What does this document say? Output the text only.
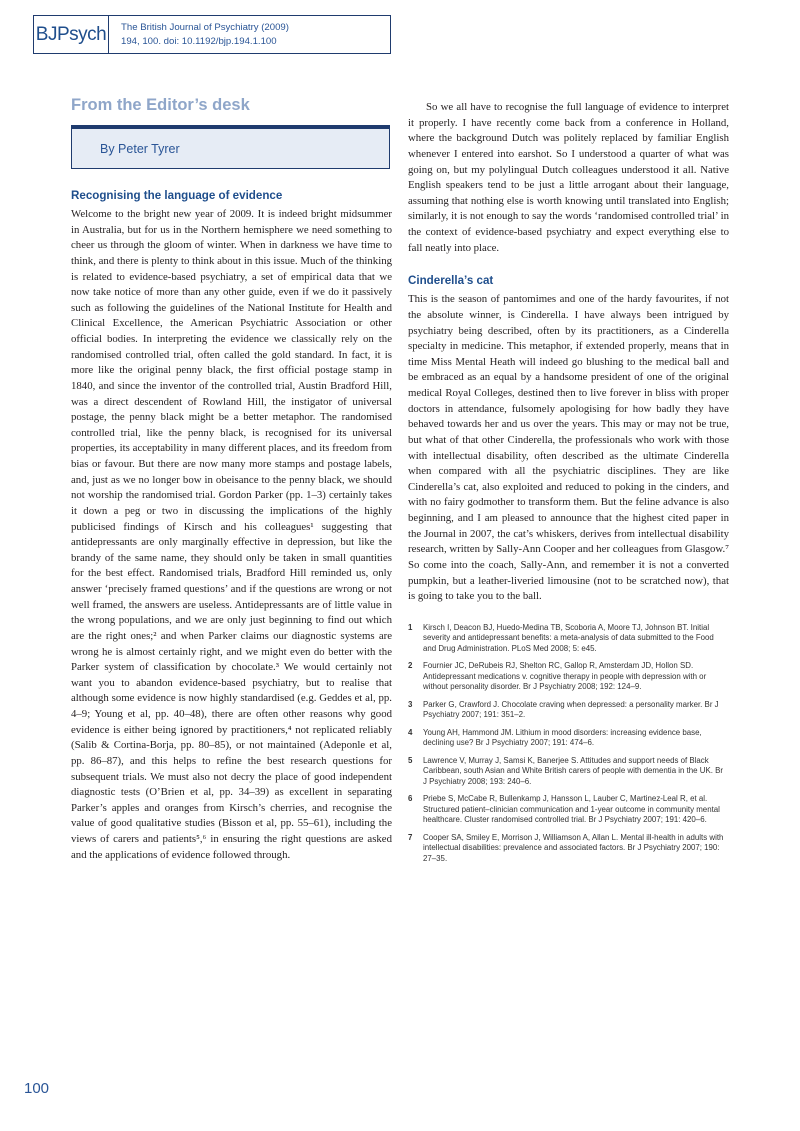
BJPsych The British Journal of Psychiatry (2009)
194, 100. doi: 10.1192/bjp.194.1.100
From the Editor’s desk
By Peter Tyrer
Recognising the language of evidence

Welcome to the bright new year of 2009. It is indeed bright midsummer in Australia, but for us in the Northern hemisphere we need something to cheer us through the gloom of winter. When in darkness we have time to think, and there is plenty to think about in this issue. Much of the thinking is related to evidence-based psychiatry, a set of empirical data that we now take notice of more than any other guide, even if we do it passively such as following the guidelines of the National Institute for Health and Clinical Excellence, the American Psychiatric Association or other official bodies. In interpreting the evidence we classically rely on the randomised controlled trial, often called the gold standard. In fact, it is more like the original penny black, the first official postage stamp in 1840, and since the inventor of the controlled trial, Austin Bradford Hill, was a direct descendent of Rowland Hill, the instigator of universal postage, the penny black might be a better metaphor. The randomised controlled trial, like the penny black, is recognised for its universal properties, its acceptability in many different places, and its freedom from bias or favour. But there are now many more stamps and postage labels, and, just as we no longer bow in obeisance to the penny black, we should not worship the randomised trial. Gordon Parker (pp. 1–3) certainly takes it down a peg or two in discussing the implications of the highly publicised findings of Kirsch and his colleagues¹ suggesting that antidepressants are only marginally effective in depression, but like the brandy of the same name, they should only be taken in small quantities for the best effect. Randomised trials, Bradford Hill reminded us, only answer ‘precisely framed questions’ and if the questions are wrong or not well framed, the answers are useless. Antidepressants are of little value in the wrong populations, and we are only just beginning to find out which are the right ones;² and when Parker claims our diagnostic systems are wrong he is almost certainly right, and we might even do better with the Parker system of classification by chocolate.³ We would certainly not want you to abandon evidence-based psychiatry, but to realise that although some evidence is now highly standardised (e.g. Geddes et al, pp. 4–9; Young et al, pp. 40–48), there are often other reasons why good evidence is either being ignored by practitioners,⁴ not replicated reliably (Salib & Cortina-Borja, pp. 80–85), or not maintained (Adeponle et al, pp. 86–87), and this helps to refine the best research questions for subsequent trials. We must also not decry the place of good independent diagnostic tests (O’Brien et al, pp. 34–39) as excellent in separating Parker’s apples and oranges from Kirsch’s cherries, and recognise the value of good qualitative studies (Bisson et al, pp. 55–61), including the views of carers and patients⁵,⁶ in ensuring the right questions are asked and the applications of evidence followed through.

So we all have to recognise the full language of evidence to interpret it properly. I have recently come back from a conference in Holland, where the background Dutch was politely replaced by familiar English whenever I entered into earshot. So I understood a quarter of what was going on, but my polylingual Dutch colleagues understood it all. Native English speakers tend to be just a little arrogant about their language, assuming that nothing else is worth knowing until translated into English; similarly, it is not enough to say the words ‘randomised controlled trial’ in the context of evidence-based psychiatry and expect everything else to fall neatly into place.

Cinderella’s cat

This is the season of pantomimes and one of the hardy favourites, if not the absolute winner, is Cinderella. I have always been intrigued by psychiatry being described, often by its practitioners, as a Cinderella specialty in medicine. This metaphor, if extended properly, means that in time Miss Mental Heath will indeed go blushing to the medical ball and be embraced as an equal by a handsome president of one of the original medical Royal Colleges, destined then to live forever in bliss with proper doctors in attendance, fulsomely apologising for how badly they have behaved towards her and us over the years. This may or may not be true, but what of that other Cinderella, the professionals who work with those with intellectual disability, often described as the ultimate Cinderella when compared with all the psychiatric disciplines. They are like Cinderella’s cat, also exploited and reduced to poking in the cinders, and with no fairy godmother to transform them. But the feline advance is also beginning, and I am pleased to announce that the highest cited paper in the Journal in 2007, the cat’s whiskers, derives from intellectual disability research, written by Sally-Ann Cooper and her colleagues from Glasgow.⁷ So come into the coach, Sally-Ann, and remember it is not a converted pumpkin, but a leather-liveried limousine (not to be scratched now), that is going to take you to the ball.

1	Kirsch I, Deacon BJ, Huedo-Medina TB, Scoboria A, Moore TJ, Johnson BT. Initial severity and antidepressant benefits: a meta-analysis of data submitted to the Food and Drug Administration. PLoS Med 2008; 5: e45.
2	Fournier JC, DeRubeis RJ, Shelton RC, Gallop R, Amsterdam JD, Hollon SD. Antidepressant medications v. cognitive therapy in people with depression with or without personality disorder. Br J Psychiatry 2008; 192: 124–9.
3	Parker G, Crawford J. Chocolate craving when depressed: a personality marker. Br J Psychiatry 2007; 191: 351–2.
4	Young AH, Hammond JM. Lithium in mood disorders: increasing evidence base, declining use? Br J Psychiatry 2007; 191: 474–6.
5	Lawrence V, Murray J, Samsi K, Banerjee S. Attitudes and support needs of Black Caribbean, south Asian and White British carers of people with dementia in the UK. Br J Psychiatry 2008; 193: 240–6.
6	Priebe S, McCabe R, Bullenkamp J, Hansson L, Lauber C, Martinez-Leal R, et al. Structured patient–clinician communication and 1-year outcome in community mental healthcare. Cluster randomised controlled trial. Br J Psychiatry 2007; 191: 420–6.
7	Cooper SA, Smiley E, Morrison J, Williamson A, Allan L. Mental ill-health in adults with intellectual disabilities: prevalence and associated factors. Br J Psychiatry 2007; 190: 27–35.
100
